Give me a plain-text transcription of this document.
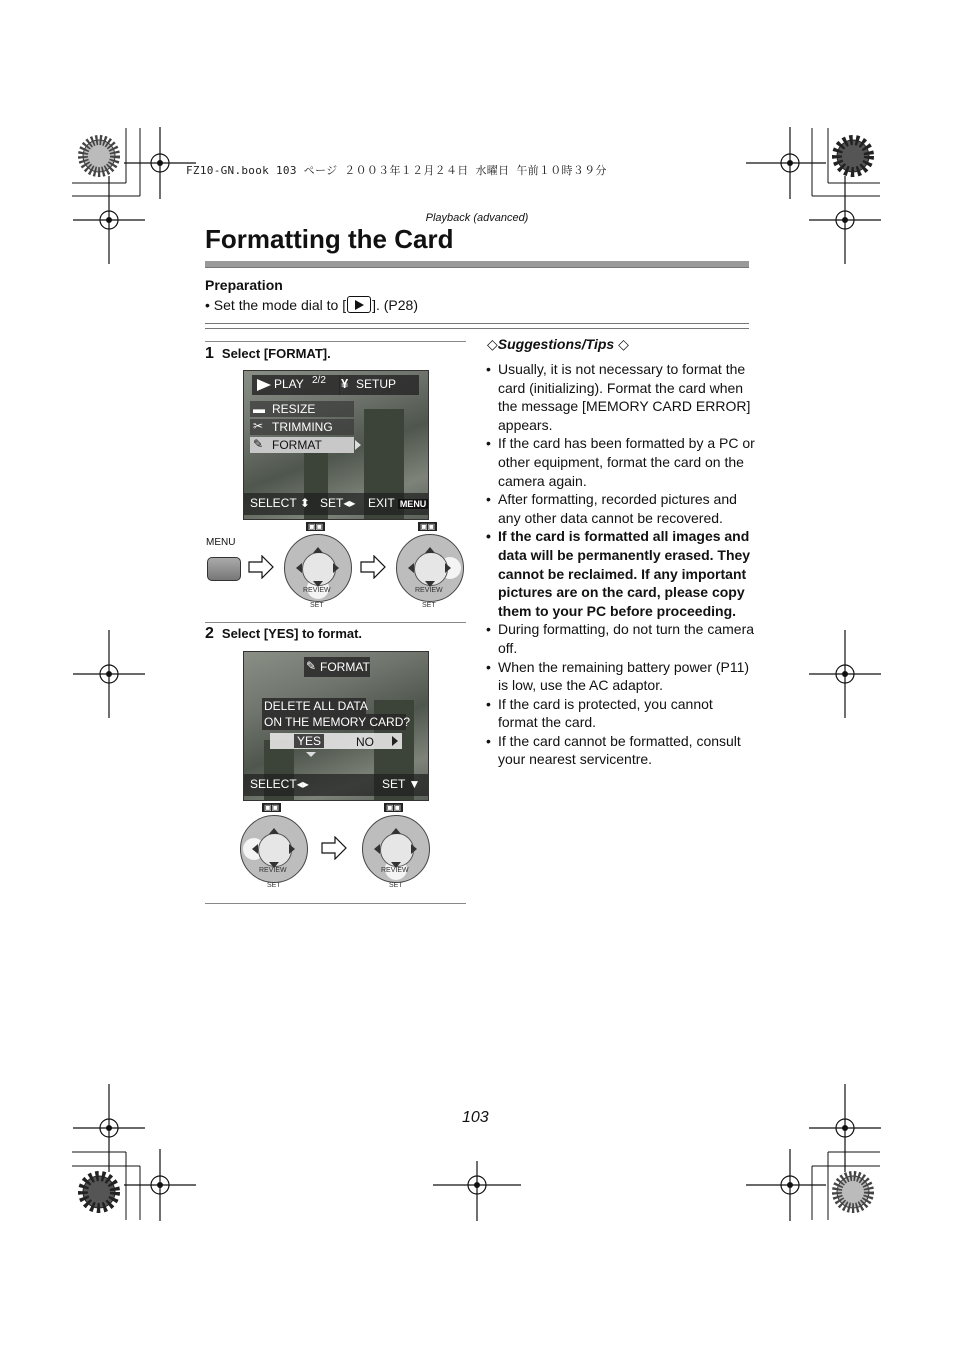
FZ10-GN.book 103 ページ ２００３年１２月２４日 水曜日 午前１０時３９分
Playback (advanced)
Formatting the Card
Preparation
• Set the mode dial to [ ]. (P28)
1 Select [FORMAT].
PLAY 2/2 ¥ SETUP
▬ RESIZE
✂ TRIMMING
✎ FORMAT
SELECT ⬍ SET◂▸ EXIT MENU
MENU
▣▣
REVIEW
SET
▣▣
REVIEW
SET
2 Select [YES] to format.
✎ FORMAT
DELETE ALL DATA
ON THE MEMORY CARD?
YES	NO
SELECT◂▸	SET ▼
▣▣
REVIEW
SET
▣▣
REVIEW
SET
◇Suggestions/Tips ◇
• Usually, it is not necessary to format the card (initializing). Format the card when the message [MEMORY CARD ERROR] appears.
• If the card has been formatted by a PC or other equipment, format the card on the camera again.
• After formatting, recorded pictures and any other data cannot be recovered.
• If the card is formatted all images and data will be permanently erased. They cannot be reclaimed. If any important pictures are on the card, please copy them to your PC before proceeding.
• During formatting, do not turn the camera off.
• When the remaining battery power (P11) is low, use the AC adaptor.
• If the card is protected, you cannot format the card.
• If the card cannot be formatted, consult your nearest servicentre.
103
